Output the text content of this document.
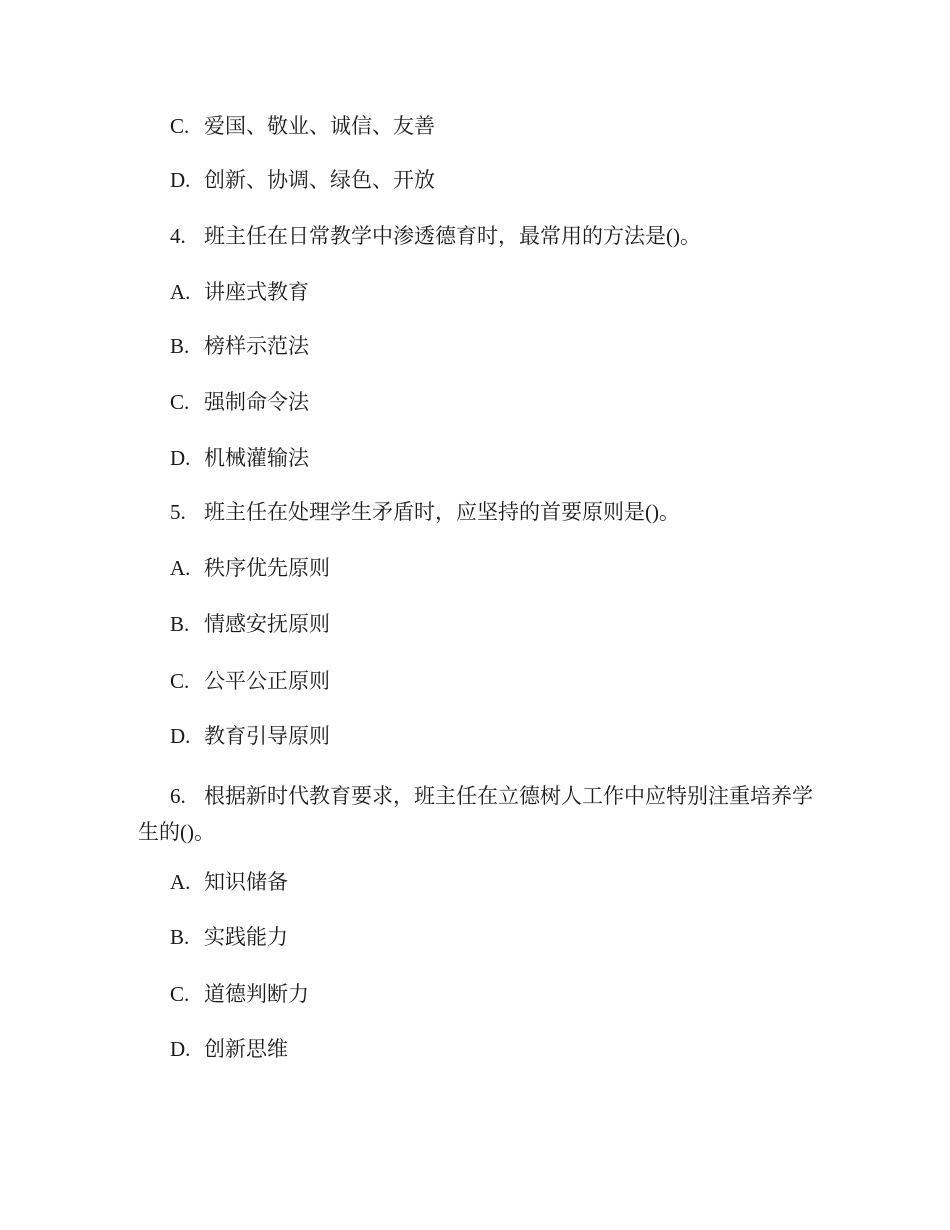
C. 爱国、敬业、诚信、友善
D. 创新、协调、绿色、开放
4. 班主任在日常教学中渗透德育时，最常用的方法是()。
A. 讲座式教育
B. 榜样示范法
C. 强制命令法
D. 机械灌输法
5. 班主任在处理学生矛盾时，应坚持的首要原则是()。
A. 秩序优先原则
B. 情感安抚原则
C. 公平公正原则
D. 教育引导原则
6. 根据新时代教育要求，班主任在立德树人工作中应特别注重培养学生的()。
A. 知识储备
B. 实践能力
C. 道德判断力
D. 创新思维
